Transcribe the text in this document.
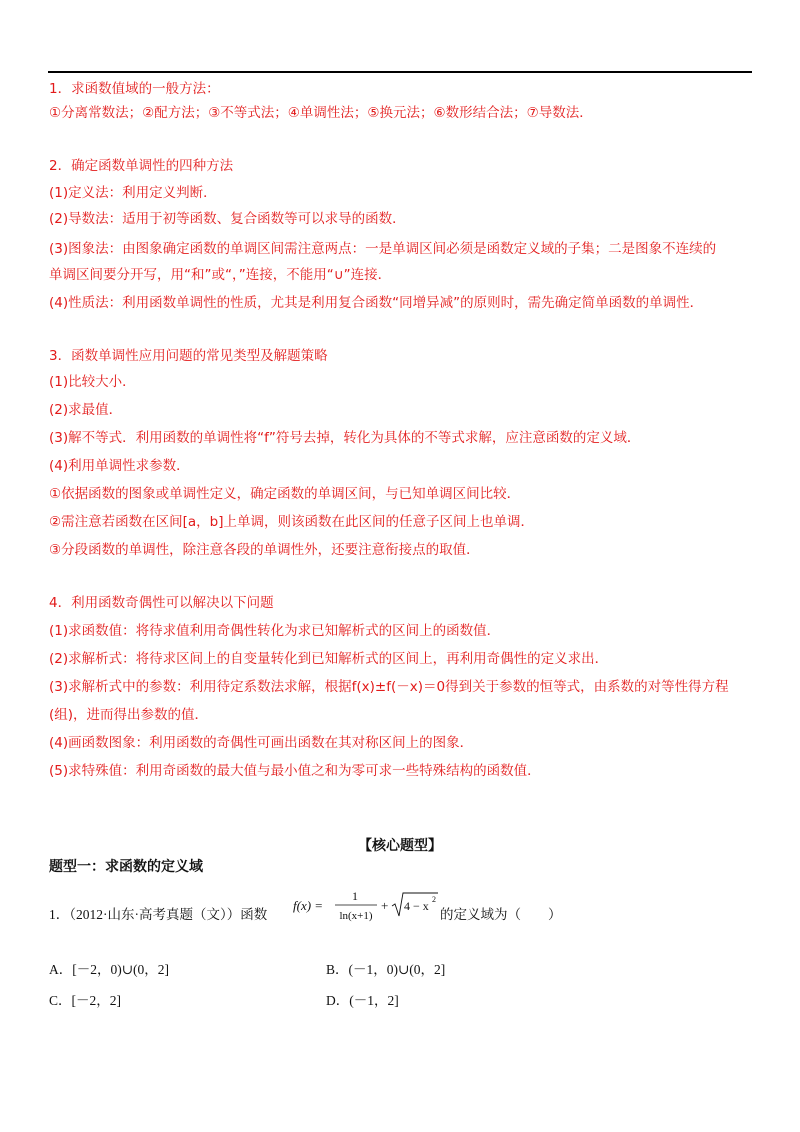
1．求函数值域的一般方法：
①分离常数法；②配方法；③不等式法；④单调性法；⑤换元法；⑥数形结合法；⑦导数法．
2．确定函数单调性的四种方法
(1)定义法：利用定义判断．
(2)导数法：适用于初等函数、复合函数等可以求导的函数．
(3)图象法：由图象确定函数的单调区间需注意两点：一是单调区间必须是函数定义域的子集；二是图象不连续的
单调区间要分开写，用“和”或“，”连接，不能用“∪”连接．
(4)性质法：利用函数单调性的性质，尤其是利用复合函数“同增异减”的原则时，需先确定简单函数的单调性．
3．函数单调性应用问题的常见类型及解题策略
(1)比较大小．
(2)求最值．
(3)解不等式．利用函数的单调性将“f”符号去掉，转化为具体的不等式求解，应注意函数的定义域．
(4)利用单调性求参数．
①依据函数的图象或单调性定义，确定函数的单调区间，与已知单调区间比较．
②需注意若函数在区间[a，b]上单调，则该函数在此区间的任意子区间上也单调．
③分段函数的单调性，除注意各段的单调性外，还要注意衔接点的取值．
4．利用函数奇偶性可以解决以下问题
(1)求函数值：将待求值利用奇偶性转化为求已知解析式的区间上的函数值．
(2)求解析式：将待求区间上的自变量转化到已知解析式的区间上，再利用奇偶性的定义求出．
(3)求解析式中的参数：利用待定系数法求解，根据f(x)±f(－x)＝0得到关于参数的恒等式，由系数的对等性得方程
(组)，进而得出参数的值．
(4)画函数图象：利用函数的奇偶性可画出函数在其对称区间上的图象．
(5)求特殊值：利用奇函数的最大值与最小值之和为零可求一些特殊结构的函数值．
【核心题型】
题型一：求函数的定义域
1．（2012·山东·高考真题（文））函数
f(x) =
1
ln(x+1)
+ 4 − x 2
的定义域为（　　）
A．[－2，0)∪(0，2]	B．(－1，0)∪(0，2]
C．[－2，2]	D．(－1，2]
